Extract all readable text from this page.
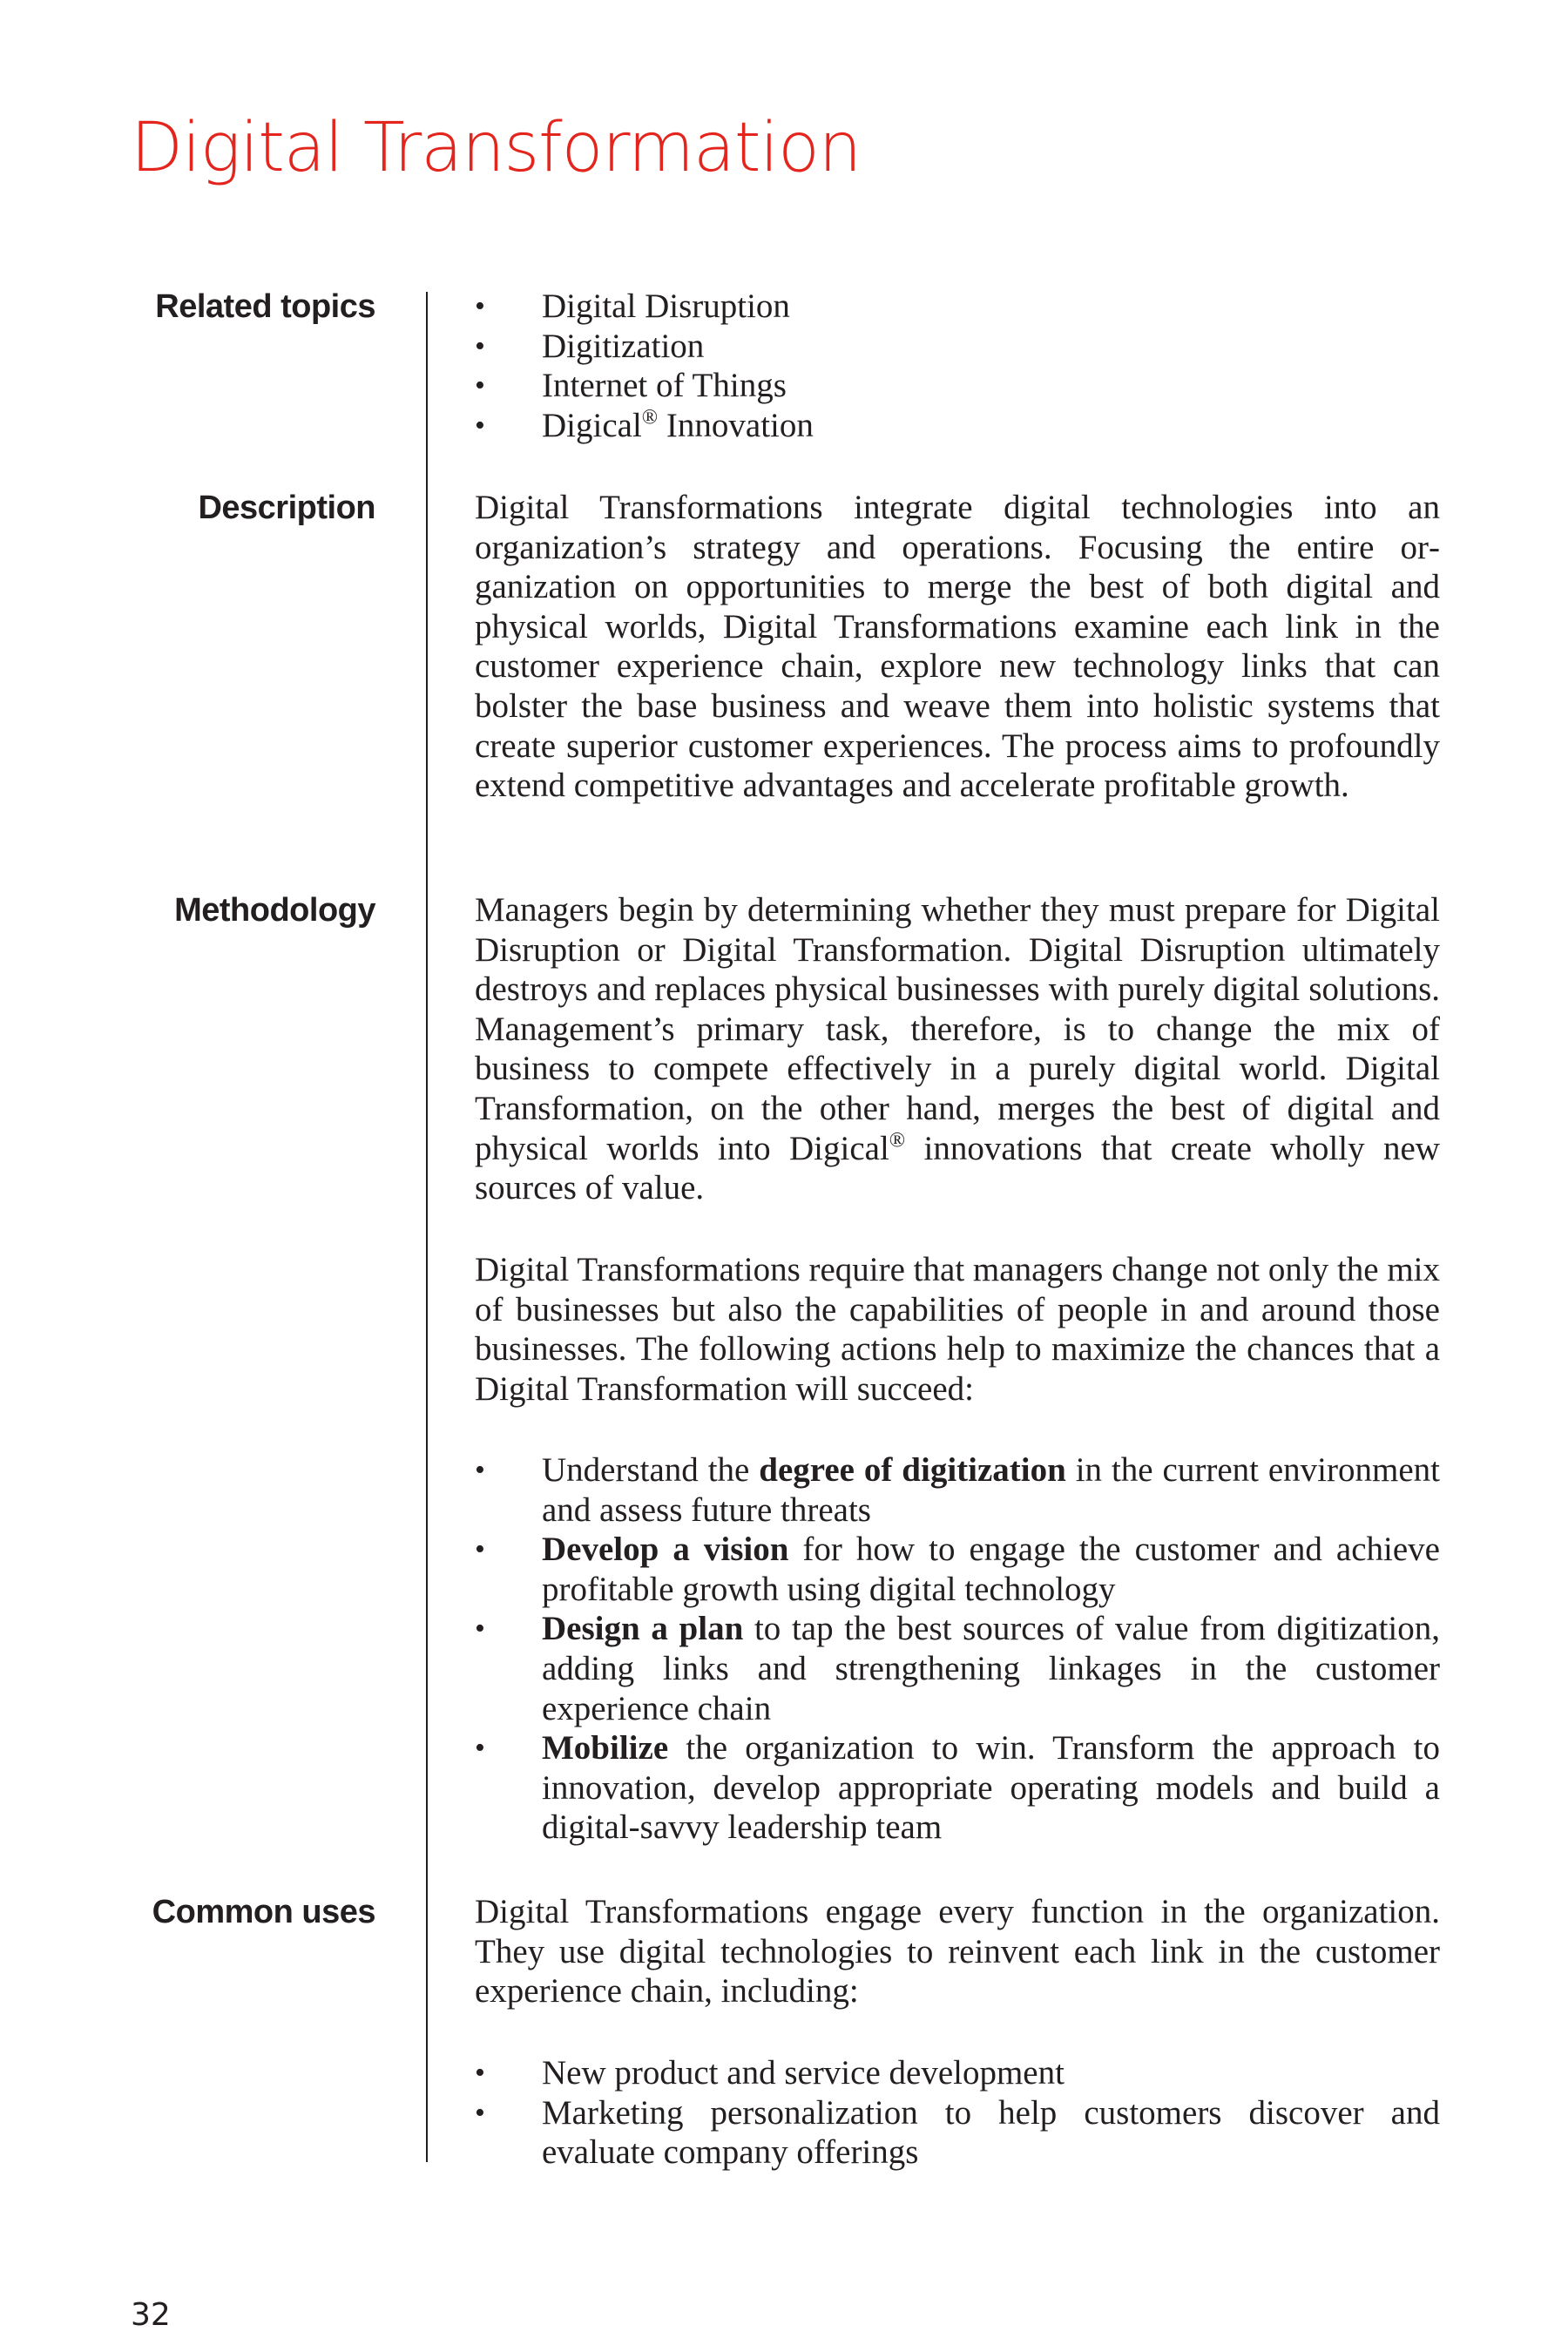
Digital Transformation
Related topics
•	Digital Disruption
• Digitization
• Internet of Things
• Digical® Innovation
Description	Digital Transformations integrate digital technologies into an organization’s strategy and operations. Focusing the entire organization on opportunities to merge the best of both digital and physical worlds, Digital Transformations examine each link in the customer experience chain, explore new technology links that can bolster the base business and weave them into holistic systems that create superior customer experiences. The process aims to profoundly extend competitive advantages and accelerate profitable growth.

Methodology	Managers begin by determining whether they must prepare for Digital Disruption or Digital Transformation. Digital Disruption ultimately destroys and replaces physical businesses with purely digital solutions. Management’s primary task, therefore, is to change the mix of business to compete effectively in a purely digital world. Digital Transformation, on the other hand, merges the best of digital and physical worlds into Digical® innovations that create wholly new sources of value.

Digital Transformations require that managers change not only the mix of businesses but also the capabilities of people in and around those businesses. The following actions help to maximize the chances that a Digital Transformation will succeed:

• Understand the degree of digitization in the current environment and assess future threats
• Develop a vision for how to engage the customer and achieve profitable growth using digital technology
• Design a plan to tap the best sources of value from digitization, adding links and strengthening linkages in the customer experience chain
• Mobilize the organization to win. Transform the approach to innovation, develop appropriate operating models and build a digital-savvy leadership team
Common uses	Digital Transformations engage every function in the organization. They use digital technologies to reinvent each link in the customer experience chain, including:

• New product and service development
• Marketing personalization to help customers discover and evaluate company offerings
32
